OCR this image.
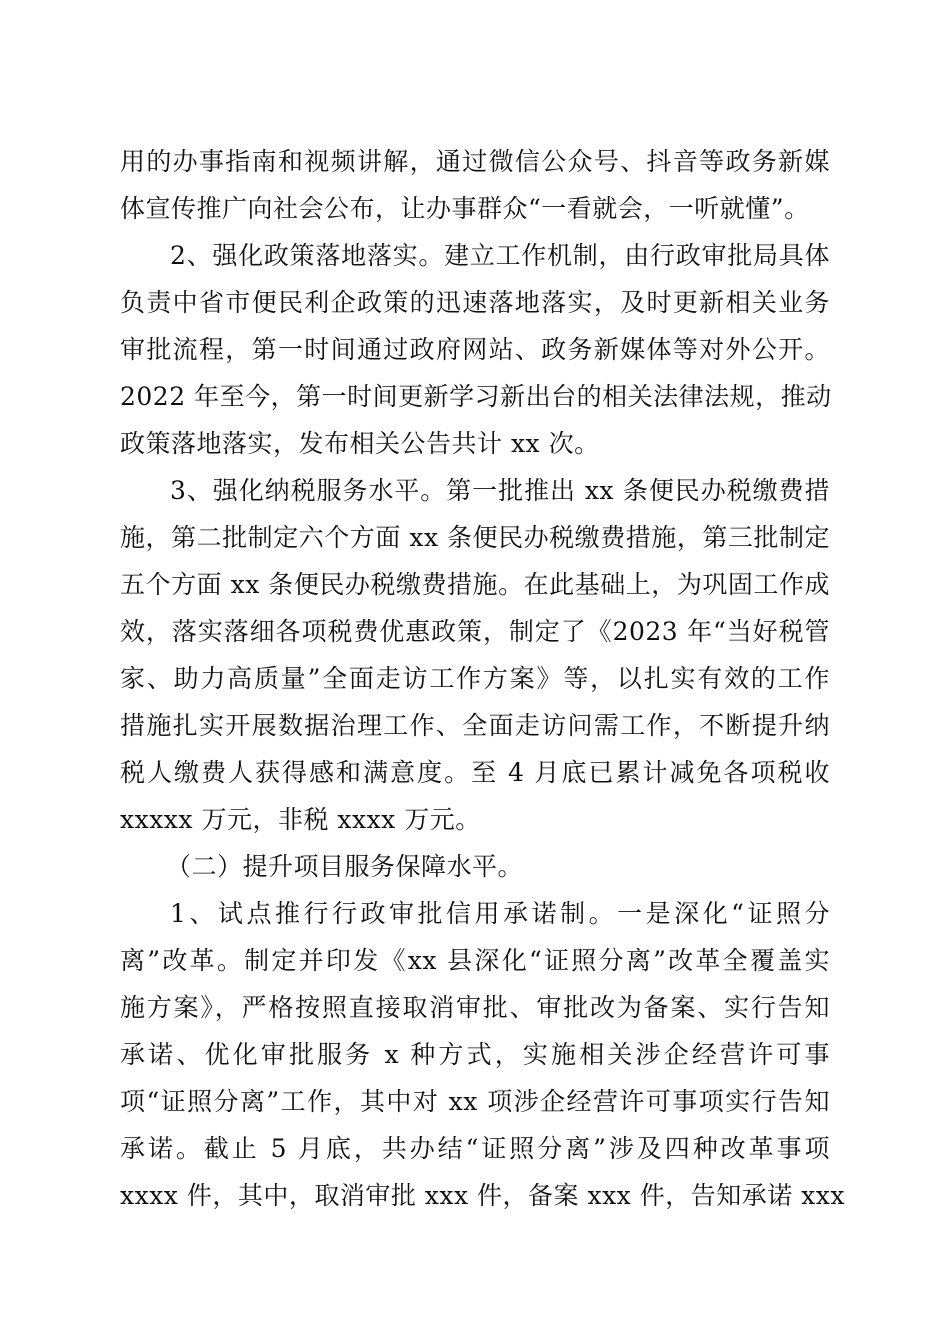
用的办事指南和视频讲解，通过微信公众号、抖音等政务新媒
体宣传推广向社会公布，让办事群众“一看就会，一听就懂”。
2、强化政策落地落实。建立工作机制，由行政审批局具体
负责中省市便民利企政策的迅速落地落实，及时更新相关业务
审批流程，第一时间通过政府网站、政务新媒体等对外公开。
2022 年至今，第一时间更新学习新出台的相关法律法规，推动
政策落地落实，发布相关公告共计 xx 次。
3、强化纳税服务水平。第一批推出 xx 条便民办税缴费措
施，第二批制定六个方面 xx 条便民办税缴费措施，第三批制定
五个方面 xx 条便民办税缴费措施。在此基础上，为巩固工作成
效，落实落细各项税费优惠政策，制定了《2023 年“当好税管
家、助力高质量”全面走访工作方案》等，以扎实有效的工作
措施扎实开展数据治理工作、全面走访问需工作，不断提升纳
税人缴费人获得感和满意度。至 4 月底已累计减免各项税收
xxxxx 万元，非税 xxxx 万元。
（二）提升项目服务保障水平。
1、试点推行行政审批信用承诺制。一是深化“证照分
离”改革。制定并印发《xx 县深化“证照分离”改革全覆盖实
施方案》，严格按照直接取消审批、审批改为备案、实行告知
承诺、优化审批服务 x 种方式，实施相关涉企经营许可事
项“证照分离”工作，其中对 xx 项涉企经营许可事项实行告知
承诺。截止 5 月底，共办结“证照分离”涉及四种改革事项
xxxx 件，其中，取消审批 xxx 件，备案 xxx 件，告知承诺 xxx
